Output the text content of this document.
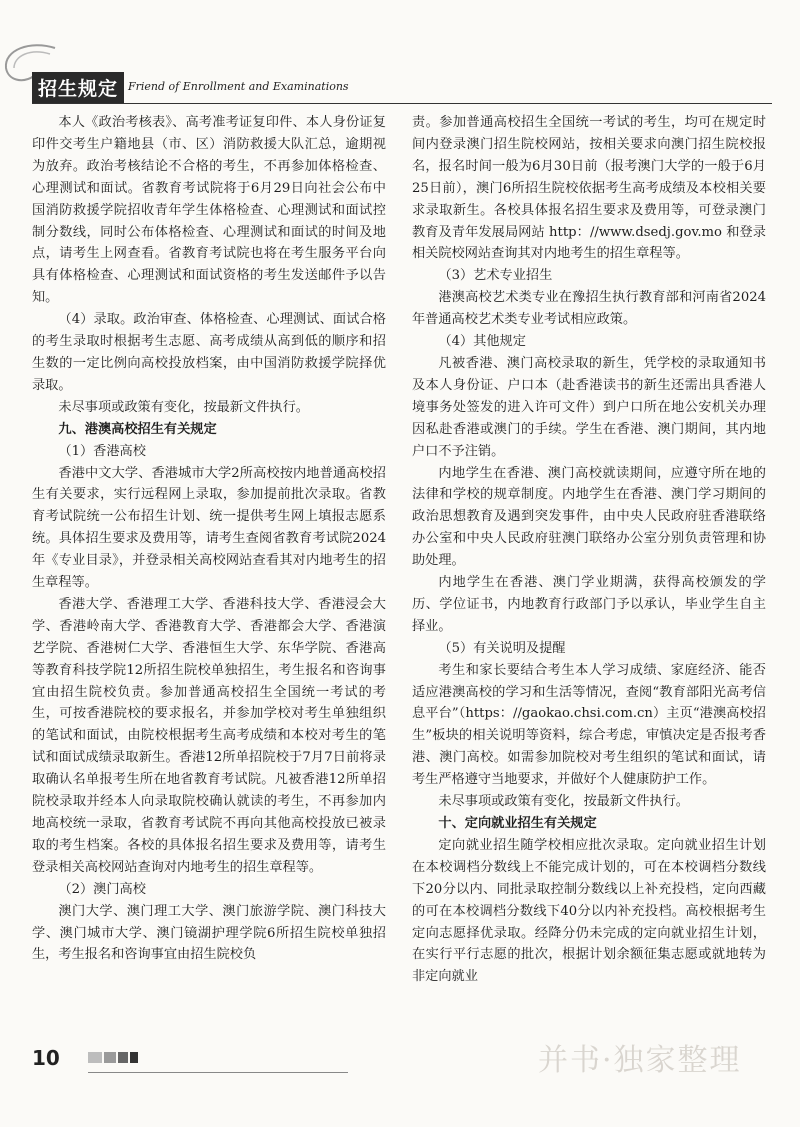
招生规定 Friend of Enrollment and Examinations

本人《政治考核表》、高考准考证复印件、本人身份证复印件交考生户籍地县（市、区）消防救援大队汇总，逾期视为放弃。政治考核结论不合格的考生，不再参加体格检查、心理测试和面试。省教育考试院将于6月29日向社会公布中国消防救援学院招收青年学生体格检查、心理测试和面试控制分数线，同时公布体格检查、心理测试和面试的时间及地点，请考生上网查看。省教育考试院也将在考生服务平台向具有体格检查、心理测试和面试资格的考生发送邮件予以告知。

（4）录取。政治审查、体格检查、心理测试、面试合格的考生录取时根据考生志愿、高考成绩从高到低的顺序和招生数的一定比例向高校投放档案，由中国消防救援学院择优录取。

未尽事项或政策有变化，按最新文件执行。

九、港澳高校招生有关规定

（1）香港高校

香港中文大学、香港城市大学2所高校按内地普通高校招生有关要求，实行远程网上录取，参加提前批次录取。省教育考试院统一公布招生计划、统一提供考生网上填报志愿系统。具体招生要求及费用等，请考生查阅省教育考试院2024年《专业目录》，并登录相关高校网站查看其对内地考生的招生章程等。

香港大学、香港理工大学、香港科技大学、香港浸会大学、香港岭南大学、香港教育大学、香港都会大学、香港演艺学院、香港树仁大学、香港恒生大学、东华学院、香港高等教育科技学院12所招生院校单独招生，考生报名和咨询事宜由招生院校负责。参加普通高校招生全国统一考试的考生，可按香港院校的要求报名，并参加学校对考生单独组织的笔试和面试，由院校根据考生高考成绩和本校对考生的笔试和面试成绩录取新生。香港12所单招院校于7月7日前将录取确认名单报考生所在地省教育考试院。凡被香港12所单招院校录取并经本人向录取院校确认就读的考生，不再参加内地高校统一录取，省教育考试院不再向其他高校投放已被录取的考生档案。各校的具体报名招生要求及费用等，请考生登录相关高校网站查询对内地考生的招生章程等。

（2）澳门高校

澳门大学、澳门理工大学、澳门旅游学院、澳门科技大学、澳门城市大学、澳门镜湖护理学院6所招生院校单独招生，考生报名和咨询事宜由招生院校负

责。参加普通高校招生全国统一考试的考生，均可在规定时间内登录澳门招生院校网站，按相关要求向澳门招生院校报名，报名时间一般为6月30日前（报考澳门大学的一般于6月25日前），澳门6所招生院校依据考生高考成绩及本校相关要求录取新生。各校具体报名招生要求及费用等，可登录澳门教育及青年发展局网站 http：//www.dsedj.gov.mo 和登录相关院校网站查询其对内地考生的招生章程等。

（3）艺术专业招生

港澳高校艺术类专业在豫招生执行教育部和河南省2024年普通高校艺术类专业考试相应政策。

（4）其他规定

凡被香港、澳门高校录取的新生，凭学校的录取通知书及本人身份证、户口本（赴香港读书的新生还需出具香港人境事务处签发的进入许可文件）到户口所在地公安机关办理因私赴香港或澳门的手续。学生在香港、澳门期间，其内地户口不予注销。

内地学生在香港、澳门高校就读期间，应遵守所在地的法律和学校的规章制度。内地学生在香港、澳门学习期间的政治思想教育及遇到突发事件，由中央人民政府驻香港联络办公室和中央人民政府驻澳门联络办公室分别负责管理和协助处理。

内地学生在香港、澳门学业期满，获得高校颁发的学历、学位证书，内地教育行政部门予以承认，毕业学生自主择业。

（5）有关说明及提醒

考生和家长要结合考生本人学习成绩、家庭经济、能否适应港澳高校的学习和生活等情况，查阅“教育部阳光高考信息平台”（https：//gaokao.chsi.com.cn）主页“港澳高校招生”板块的相关说明等资料，综合考虑，审慎决定是否报考香港、澳门高校。如需参加院校对考生组织的笔试和面试，请考生严格遵守当地要求，并做好个人健康防护工作。

未尽事项或政策有变化，按最新文件执行。

十、定向就业招生有关规定

定向就业招生随学校相应批次录取。定向就业招生计划在本校调档分数线上不能完成计划的，可在本校调档分数线下20分以内、同批录取控制分数线以上补充投档，定向西藏的可在本校调档分数线下40分以内补充投档。高校根据考生定向志愿择优录取。经降分仍未完成的定向就业招生计划，在实行平行志愿的批次，根据计划余额征集志愿或就地转为非定向就业

10	并书·独家整理
